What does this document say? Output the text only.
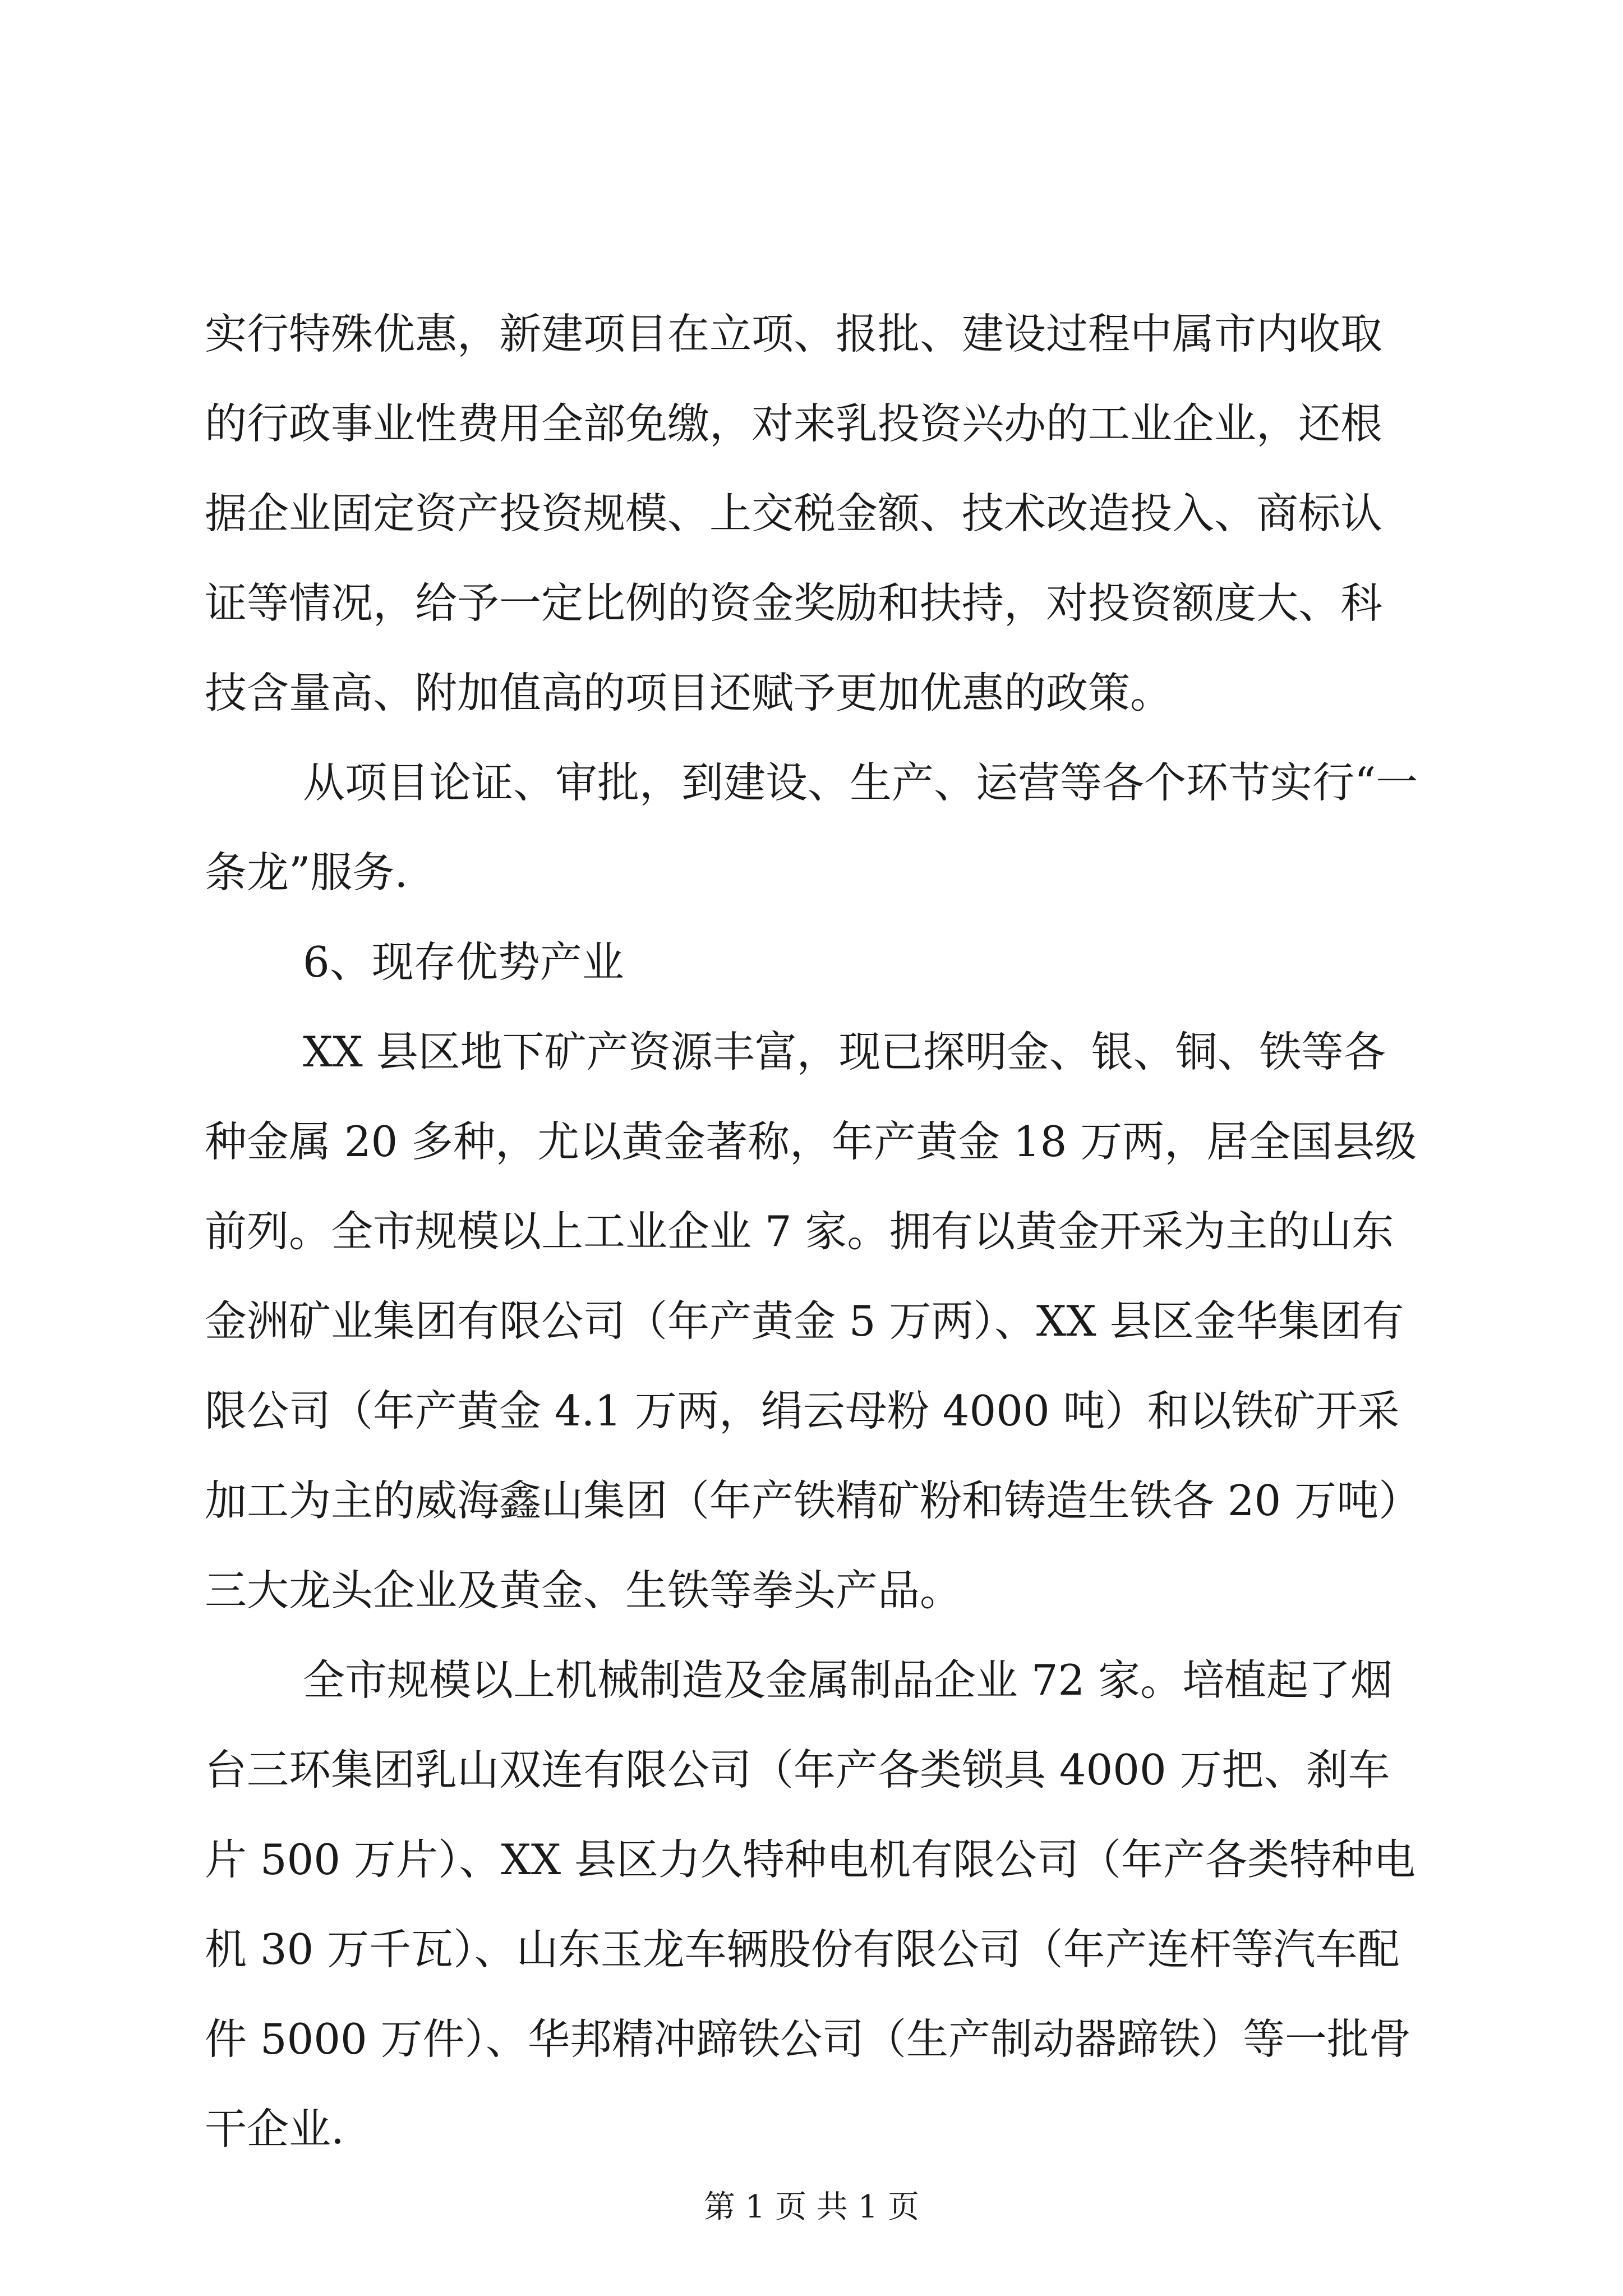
实行特殊优惠，新建项目在立项、报批、建设过程中属市内收取
的行政事业性费用全部免缴，对来乳投资兴办的工业企业，还根
据企业固定资产投资规模、上交税金额、技术改造投入、商标认
证等情况，给予一定比例的资金奖励和扶持，对投资额度大、科
技含量高、附加值高的项目还赋予更加优惠的政策。
从项目论证、审批，到建设、生产、运营等各个环节实行“一
条龙”服务.
6、现存优势产业
XX 县区地下矿产资源丰富，现已探明金、银、铜、铁等各
种金属 20 多种，尤以黄金著称，年产黄金 18 万两，居全国县级
前列。全市规模以上工业企业 7 家。拥有以黄金开采为主的山东
金洲矿业集团有限公司（年产黄金 5 万两）、XX 县区金华集团有
限公司（年产黄金 4.1 万两，绢云母粉 4000 吨）和以铁矿开采
加工为主的威海鑫山集团（年产铁精矿粉和铸造生铁各 20 万吨）
三大龙头企业及黄金、生铁等拳头产品。
全市规模以上机械制造及金属制品企业 72 家。培植起了烟
台三环集团乳山双连有限公司（年产各类锁具 4000 万把、刹车
片 500 万片）、XX 县区力久特种电机有限公司（年产各类特种电
机 30 万千瓦）、山东玉龙车辆股份有限公司（年产连杆等汽车配
件 5000 万件）、华邦精冲蹄铁公司（生产制动器蹄铁）等一批骨
干企业.
第 1 页 共 1 页
